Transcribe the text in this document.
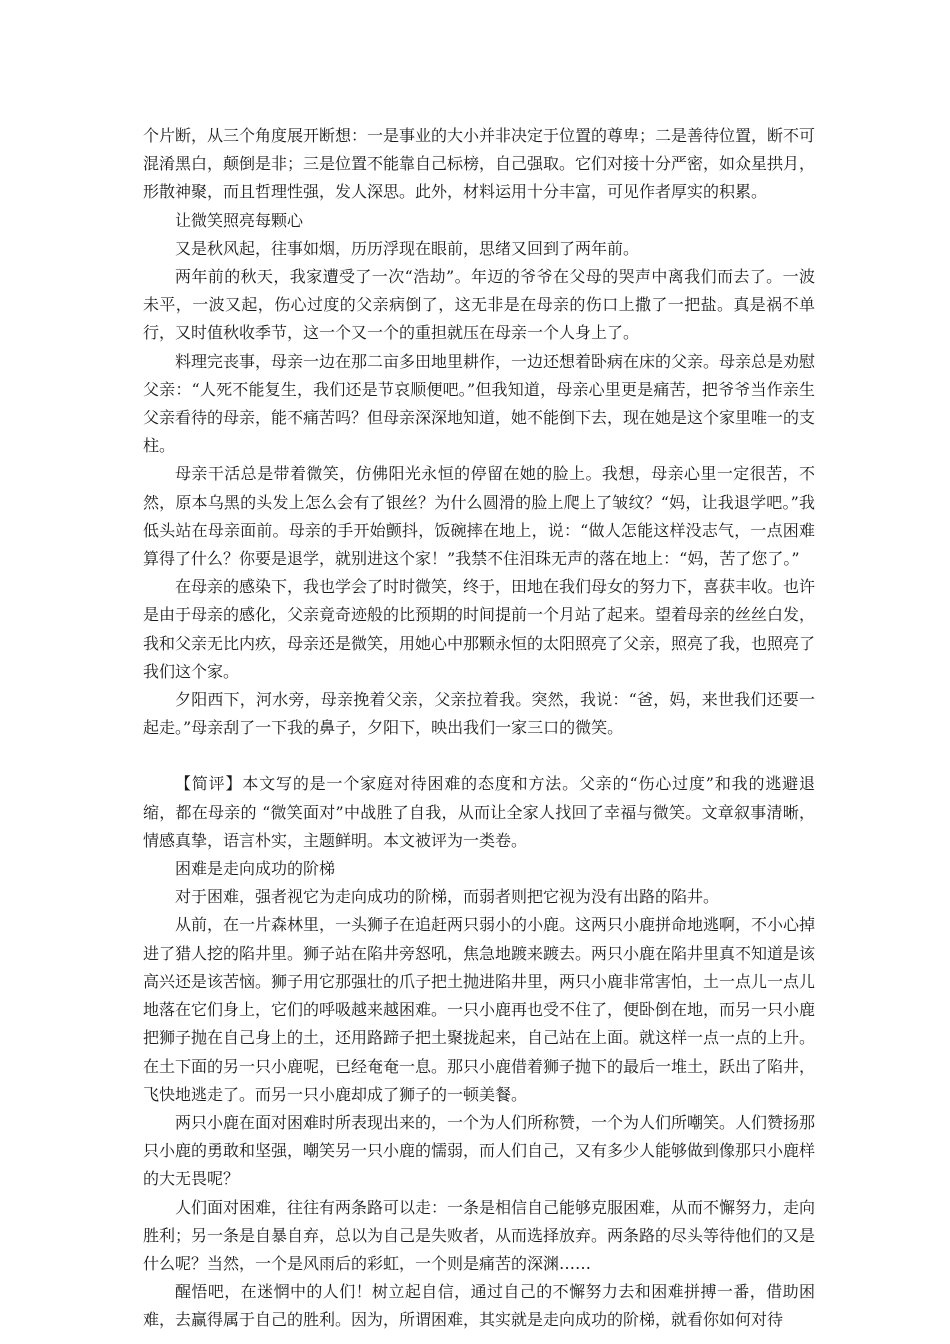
个片断，从三个角度展开断想：一是事业的大小并非决定于位置的尊卑；二是善待位置，断不可混淆黑白，颠倒是非；三是位置不能靠自己标榜，自己强取。它们对接十分严密，如众星拱月，形散神聚，而且哲理性强，发人深思。此外，材料运用十分丰富，可见作者厚实的积累。

让微笑照亮每颗心

又是秋风起，往事如烟，历历浮现在眼前，思绪又回到了两年前。

两年前的秋天，我家遭受了一次“浩劫”。年迈的爷爷在父母的哭声中离我们而去了。一波未平，一波又起，伤心过度的父亲病倒了，这无非是在母亲的伤口上撒了一把盐。真是祸不单行，又时值秋收季节，这一个又一个的重担就压在母亲一个人身上了。

料理完丧事，母亲一边在那二亩多田地里耕作，一边还想着卧病在床的父亲。母亲总是劝慰父亲：“人死不能复生，我们还是节哀顺便吧。”但我知道，母亲心里更是痛苦，把爷爷当作亲生父亲看待的母亲，能不痛苦吗？但母亲深深地知道，她不能倒下去，现在她是这个家里唯一的支柱。

母亲干活总是带着微笑，仿佛阳光永恒的停留在她的脸上。我想，母亲心里一定很苦，不然，原本乌黑的头发上怎么会有了银丝？为什么圆滑的脸上爬上了皱纹？“妈，让我退学吧。”我低头站在母亲面前。母亲的手开始颤抖，饭碗摔在地上，说：“做人怎能这样没志气，一点困难算得了什么？你要是退学，就别进这个家！”我禁不住泪珠无声的落在地上：“妈，苦了您了。”

在母亲的感染下，我也学会了时时微笑，终于，田地在我们母女的努力下，喜获丰收。也许是由于母亲的感化，父亲竟奇迹般的比预期的时间提前一个月站了起来。望着母亲的丝丝白发，我和父亲无比内疚，母亲还是微笑，用她心中那颗永恒的太阳照亮了父亲，照亮了我，也照亮了我们这个家。

夕阳西下，河水旁，母亲挽着父亲，父亲拉着我。突然，我说：“爸，妈，来世我们还要一起走。”母亲刮了一下我的鼻子，夕阳下，映出我们一家三口的微笑。

【简评】本文写的是一个家庭对待困难的态度和方法。父亲的“伤心过度”和我的逃避退缩，都在母亲的 “微笑面对”中战胜了自我，从而让全家人找回了幸福与微笑。文章叙事清晰，情感真挚，语言朴实，主题鲜明。本文被评为一类卷。

困难是走向成功的阶梯

对于困难，强者视它为走向成功的阶梯，而弱者则把它视为没有出路的陷井。

从前，在一片森林里，一头狮子在追赶两只弱小的小鹿。这两只小鹿拼命地逃啊，不小心掉进了猎人挖的陷井里。狮子站在陷井旁怒吼，焦急地踱来踱去。两只小鹿在陷井里真不知道是该高兴还是该苦恼。狮子用它那强壮的爪子把土抛进陷井里，两只小鹿非常害怕，土一点儿一点儿地落在它们身上，它们的呼吸越来越困难。一只小鹿再也受不住了，便卧倒在地，而另一只小鹿把狮子抛在自己身上的土，还用路蹄子把土聚拢起来，自己站在上面。就这样一点一点的上升。在土下面的另一只小鹿呢，已经奄奄一息。那只小鹿借着狮子抛下的最后一堆土，跃出了陷井，飞快地逃走了。而另一只小鹿却成了狮子的一顿美餐。

两只小鹿在面对困难时所表现出来的，一个为人们所称赞，一个为人们所嘲笑。人们赞扬那只小鹿的勇敢和坚强，嘲笑另一只小鹿的懦弱，而人们自己，又有多少人能够做到像那只小鹿样的大无畏呢？

人们面对困难，往往有两条路可以走：一条是相信自己能够克服困难，从而不懈努力，走向胜利；另一条是自暴自弃，总以为自己是失败者，从而选择放弃。两条路的尽头等待他们的又是什么呢？当然，一个是风雨后的彩虹，一个则是痛苦的深渊……

醒悟吧，在迷惘中的人们！树立起自信，通过自己的不懈努力去和困难拼搏一番，借助困难，去赢得属于自己的胜利。因为，所谓困难，其实就是走向成功的阶梯，就看你如何对待
